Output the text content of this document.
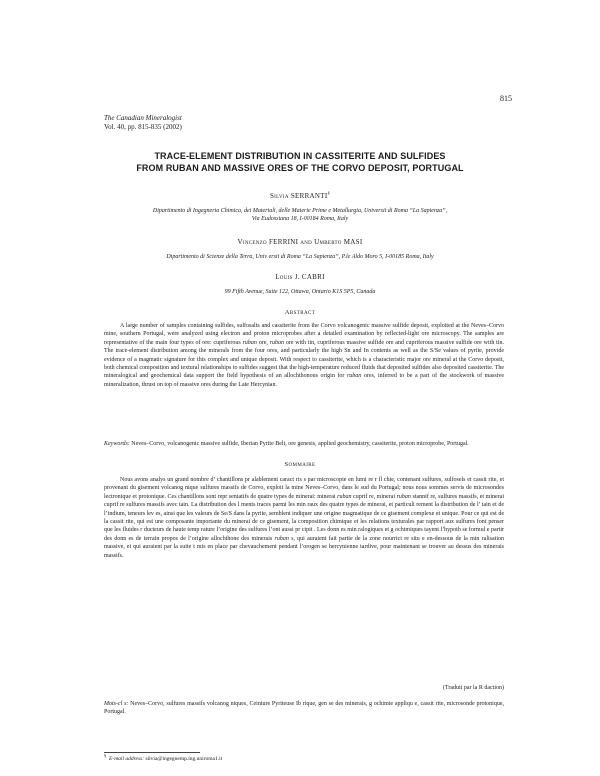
815
The Canadian Mineralogist
Vol. 40, pp. 815-835 (2002)
TRACE-ELEMENT DISTRIBUTION IN CASSITERITE AND SULFIDES
FROM RUBAN AND MASSIVE ORES OF THE CORVO DEPOSIT, PORTUGAL
Silvia SERRANTI§
Dipartimento di Ingegneria Chimica, dei Materiali, delle Materie Prime e Metallurgia, Universit di Roma “La Sapienza”,
Via Eudossiana 18, I-00184 Roma, Italy
Vincenzo FERRINI and Umberto MASI
Dipartimento di Scienze della Terra, Univ ersit di Roma “La Sapienza”, P.le Aldo Moro 5, I-00185 Roma, Italy
Louis J. CABRI
99 Fifth Avenue, Suite 122, Ottawa, Ontario K1S 5P5, Canada
Abstract
A large number of samples containing sulfides, sulfosalts and cassiterite from the Corvo volcanogenic massive sulfide deposit, exploited at the Neves–Corvo mine, southern Portugal, were analyzed using electron and proton microprobes after a detailed examination by reflected-light ore microscopy. The samples are representative of the main four types of ore: cupriferous ruban ore, ruban ore with tin, cupriferous massive sulfide ore and cupriferous massive sulfide ore with tin. The trace-element distribution among the minerals from the four ores, and particularly the high Sn and In contents as well as the S/Se values of pyrite, provide evidence of a magmatic signature for this complex and unique deposit. With respect to cassiterite, which is a characteristic major ore mineral at the Corvo deposit, both chemical composition and textural relationships to sulfides suggest that the high-temperature reduced fluids that deposited sulfides also deposited cassiterite. The mineralogical and geochemical data support the field hypothesis of an allochthonous origin for ruban ores, inferred to be a part of the stockwork of massive mineralization, thrust on top of massive ores during the Late Hercynian.
Keywords: Neves–Corvo, volcanogenic massive sulfide, Iberian Pyrite Belt, ore genesis, applied geochemistry, cassiterite, proton microprobe, Portugal.
Sommaire
Nous avons analys un grand nombre d’ chantillons pr alablement caract ris s par microscopie en lumi re r fl chie, contenant sulfures, sulfosels et cassit rite, et provenant du gisement volcanog nique sulfures massifs de Corvo, exploit la mine Neves–Corvo, dans le sud du Portugal; nous nous sommes servis de microsondes lectronique et protonique. Ces chantillons sont repr sentatifs de quatre types de minerai: minerai ruban cuprif re, minerai ruban stannif re, sulfures massifs, et minerai cuprif re sulfures massifs avec tain. La distribution des l ments traces parmi les min raux des quatre types de minerai, et particuli rement la distribution de l’ tain et de l’indium, teneurs lev es, ainsi que les valeurs de Se/S dans la pyrite, semblent indiquer une origine magmatique de ce gisement complexe et unique. Pour ce qui est de la cassit rite, qui est une composante importante du minerai de ce gisement, la composition chimique et les relations texturales par rapport aux sulfures font penser que les fluides r ducteurs de haute temp rature l’origine des sulfures l’ont aussi pr cipit . Les donn es min ralogiques et g ochimiques tayent l’hypoth se formul e partir des donn es de terrain propos de l’origine allochthone des minerais ruban s, qui auraient fait partie de la zone nourrici re situ e en-dessous de la min ralisation massive, et qui auraient par la suite t mis en place par chevauchement pendant l’orogen se hercynienne tardive, pour maintenant se trouver au dessus des minerais massifs.
(Traduit par la R daction)
Mots-cl s: Neves–Corvo, sulfures massifs volcanog niques, Ceinture Pyriteuse Ib rique, gen se des minerais, g ochimie appliqu e, cassit rite, microsonde protonique, Portugal.
§  E-mail address: silvia@ingegnemp.ing.uniroma1.it
